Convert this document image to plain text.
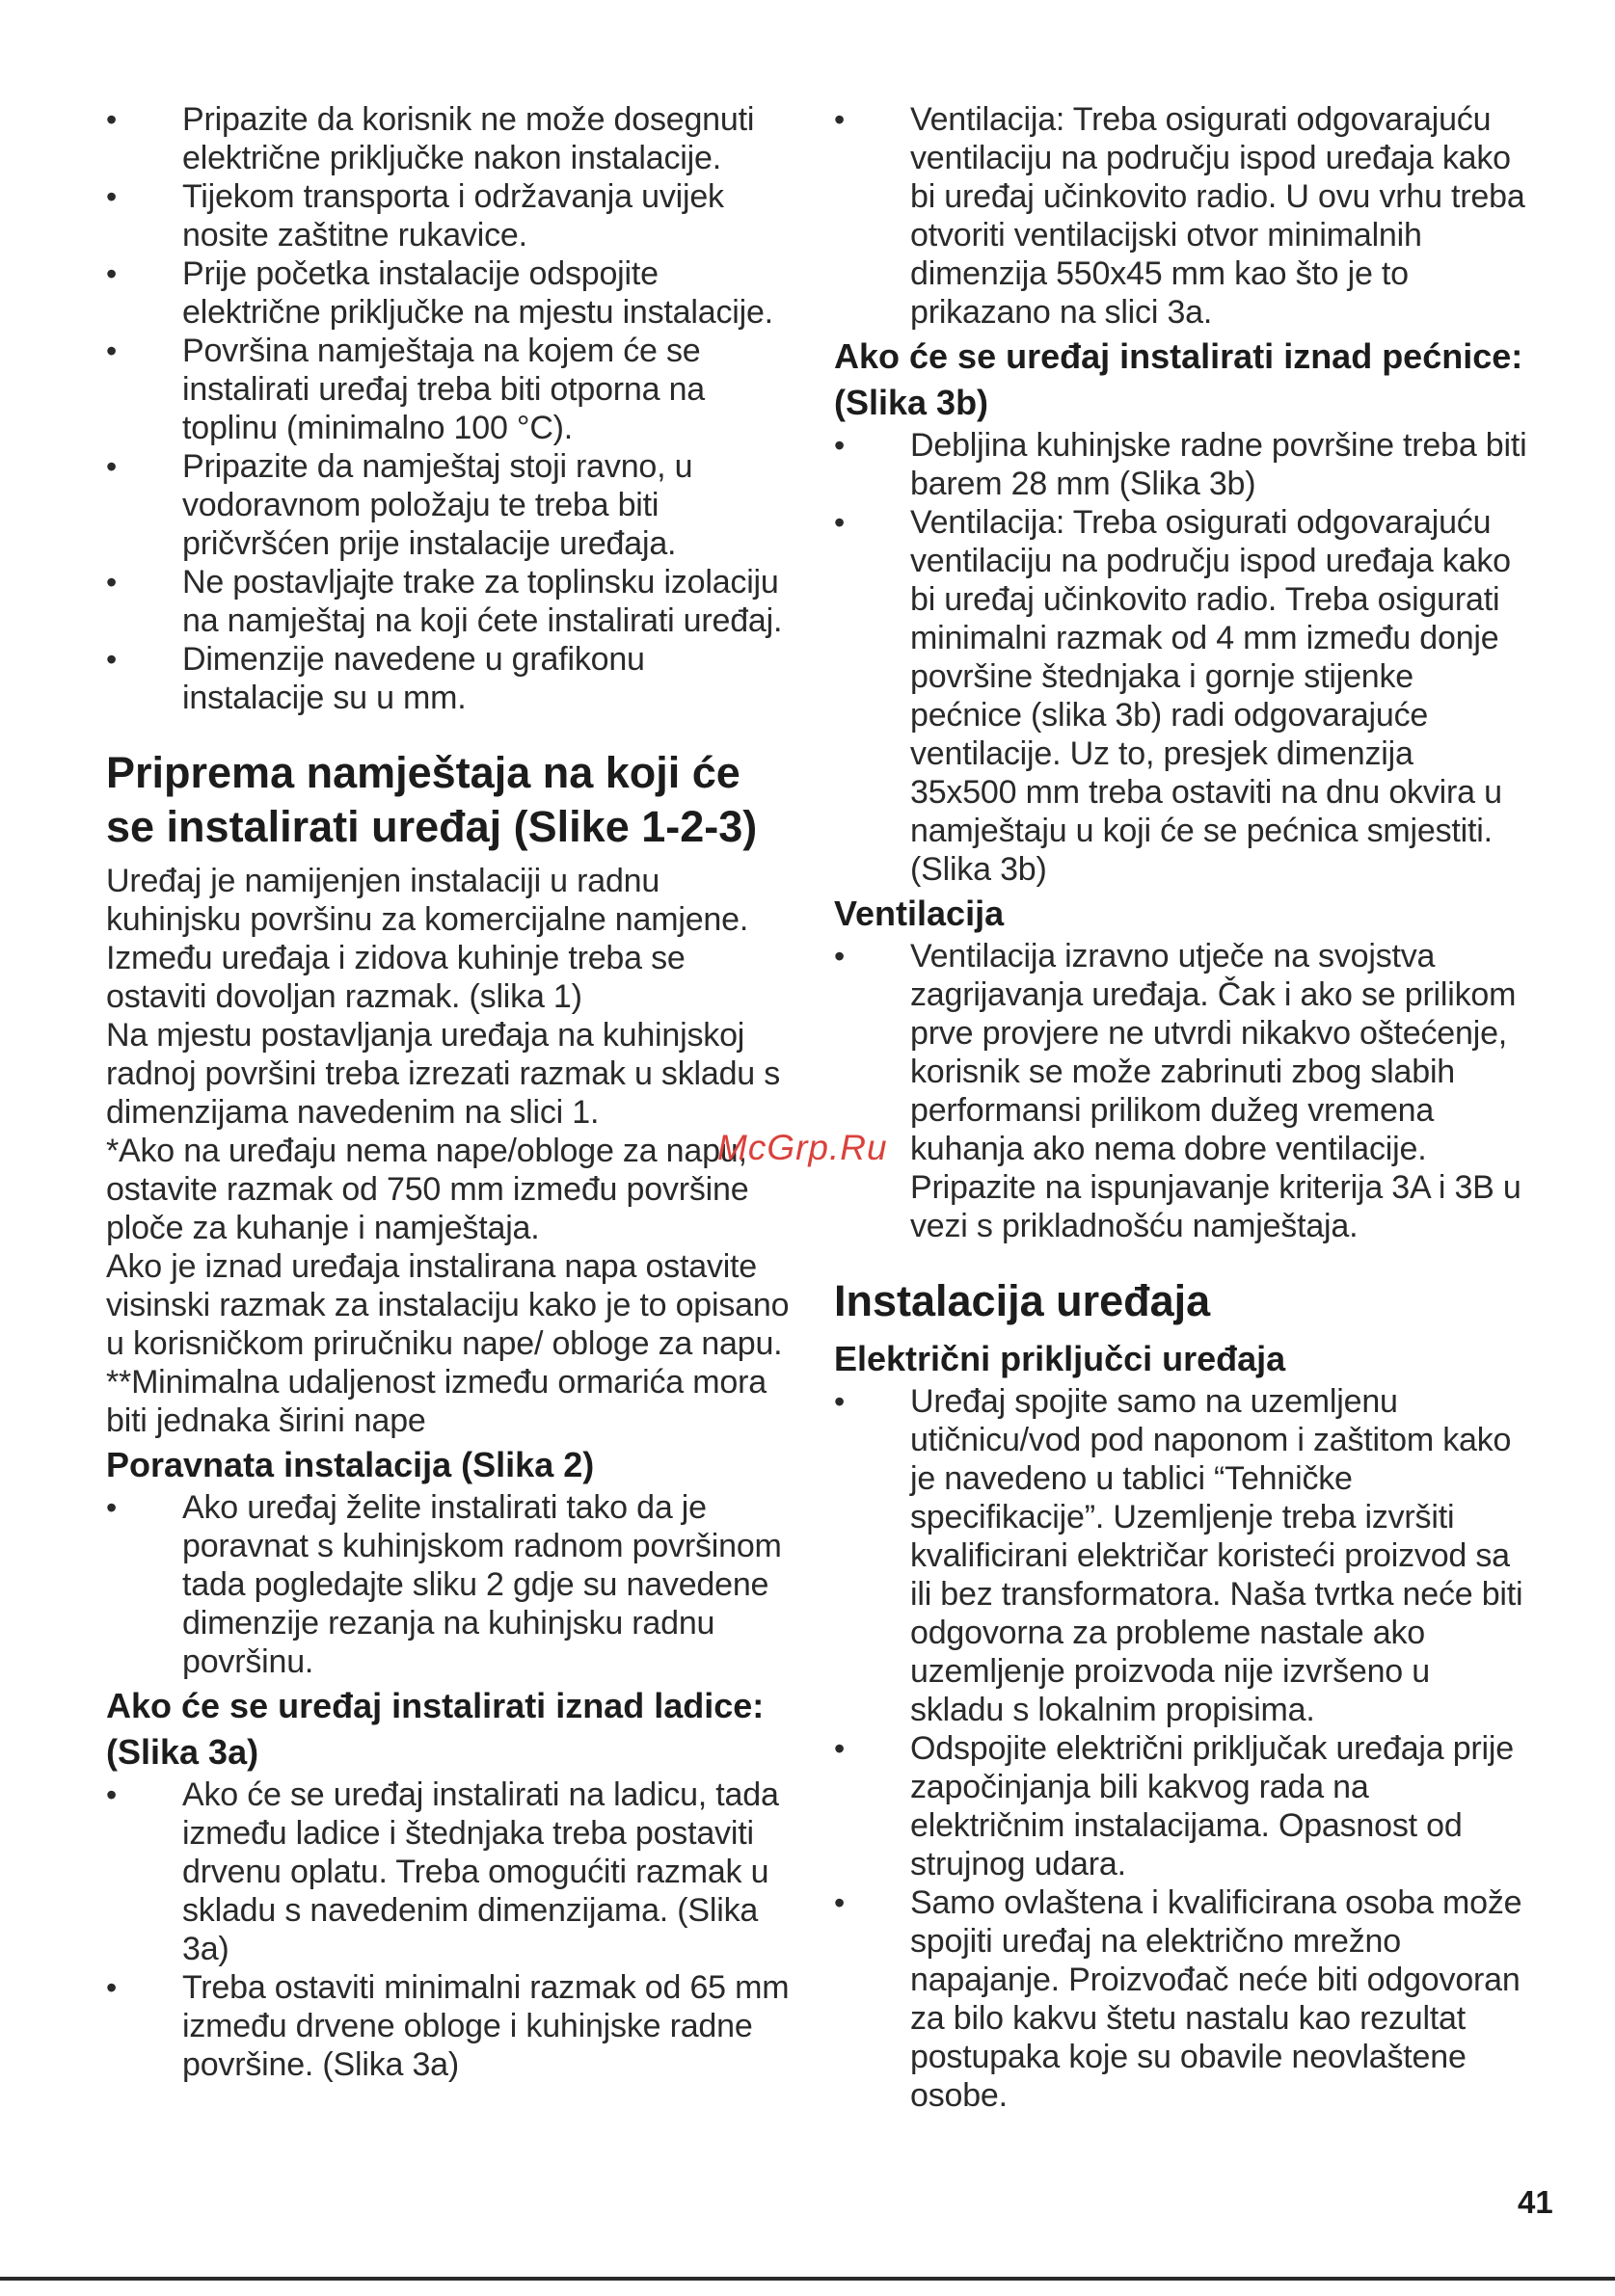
•	Pripazite da korisnik ne može dosegnuti električne priključke nakon instalacije.
•	Tijekom transporta i održavanja uvijek nosite zaštitne rukavice.
•	Prije početka instalacije odspojite električne priključke na mjestu instalacije.
•	Površina namještaja na kojem će se instalirati uređaj treba biti otporna na toplinu (minimalno 100 °C).
•	Pripazite da namještaj stoji ravno, u vodoravnom položaju te treba biti pričvršćen prije instalacije uređaja.
•	Ne postavljajte trake za toplinsku izolaciju na namještaj na koji ćete instalirati uređaj.
•	Dimenzije navedene u grafikonu instalacije su u mm.
Priprema namještaja na koji će se instalirati uređaj (Slike 1-2-3)

Uređaj je namijenjen instalaciji u radnu kuhinjsku površinu za komercijalne namjene. Između uređaja i zidova kuhinje treba se ostaviti dovoljan razmak. (slika 1)

Na mjestu postavljanja uređaja na kuhinjskoj radnoj površini treba izrezati razmak u skladu s dimenzijama navedenim na slici 1.

*Ako na uređaju nema nape/obloge za napu, ostavite razmak od 750 mm između površine ploče za kuhanje i namještaja.

Ako je iznad uređaja instalirana napa ostavite visinski razmak za instalaciju kako je to opisano u korisničkom priručniku nape/ obloge za napu.

**Minimalna udaljenost između ormarića mora biti jednaka širini nape

Poravnata instalacija (Slika 2)
•	Ako uređaj želite instalirati tako da je poravnat s kuhinjskom radnom površinom tada pogledajte sliku 2 gdje su navedene dimenzije rezanja na kuhinjsku radnu površinu.
Ako će se uređaj instalirati iznad ladice: (Slika 3a)
•	Ako će se uređaj instalirati na ladicu, tada između ladice i štednjaka treba postaviti drvenu oplatu. Treba omogućiti razmak u skladu s navedenim dimenzijama. (Slika 3a)
•	Treba ostaviti minimalni razmak od 65 mm između drvene obloge i kuhinjske radne površine. (Slika 3a)
•	Ventilacija: Treba osigurati odgovarajuću ventilaciju na području ispod uređaja kako bi uređaj učinkovito radio. U ovu vrhu treba otvoriti ventilacijski otvor minimalnih dimenzija 550x45 mm kao što je to prikazano na slici 3a.
Ako će se uređaj instalirati iznad pećnice: (Slika 3b)
•	Debljina kuhinjske radne površine treba biti barem 28 mm (Slika 3b)
•	Ventilacija: Treba osigurati odgovarajuću ventilaciju na području ispod uređaja kako bi uređaj učinkovito radio. Treba osigurati minimalni razmak od 4 mm između donje površine štednjaka i gornje stijenke pećnice (slika 3b) radi odgovarajuće ventilacije. Uz to, presjek dimenzija 35x500 mm treba ostaviti na dnu okvira u namještaju u koji će se pećnica smjestiti. (Slika 3b)
Ventilacija
•	Ventilacija izravno utječe na svojstva zagrijavanja uređaja. Čak i ako se prilikom prve provjere ne utvrdi nikakvo oštećenje, korisnik se može zabrinuti zbog slabih performansi prilikom dužeg vremena kuhanja ako nema dobre ventilacije. Pripazite na ispunjavanje kriterija 3A i 3B u vezi s prikladnošću namještaja.
Instalacija uređaja
Električni priključci uređaja
•	Uređaj spojite samo na uzemljenu utičnicu/vod pod naponom i zaštitom kako je navedeno u tablici “Tehničke specifikacije”. Uzemljenje treba izvršiti kvalificirani električar koristeći proizvod sa ili bez transformatora. Naša tvrtka neće biti odgovorna za probleme nastale ako uzemljenje proizvoda nije izvršeno u skladu s lokalnim propisima.
•	Odspojite električni priključak uređaja prije započinjanja bili kakvog rada na električnim instalacijama. Opasnost od strujnog udara.
•	Samo ovlaštena i kvalificirana osoba može spojiti uređaj na električno mrežno napajanje. Proizvođač neće biti odgovoran za bilo kakvu štetu nastalu kao rezultat postupaka koje su obavile neovlaštene osobe.
McGrp.Ru
41
